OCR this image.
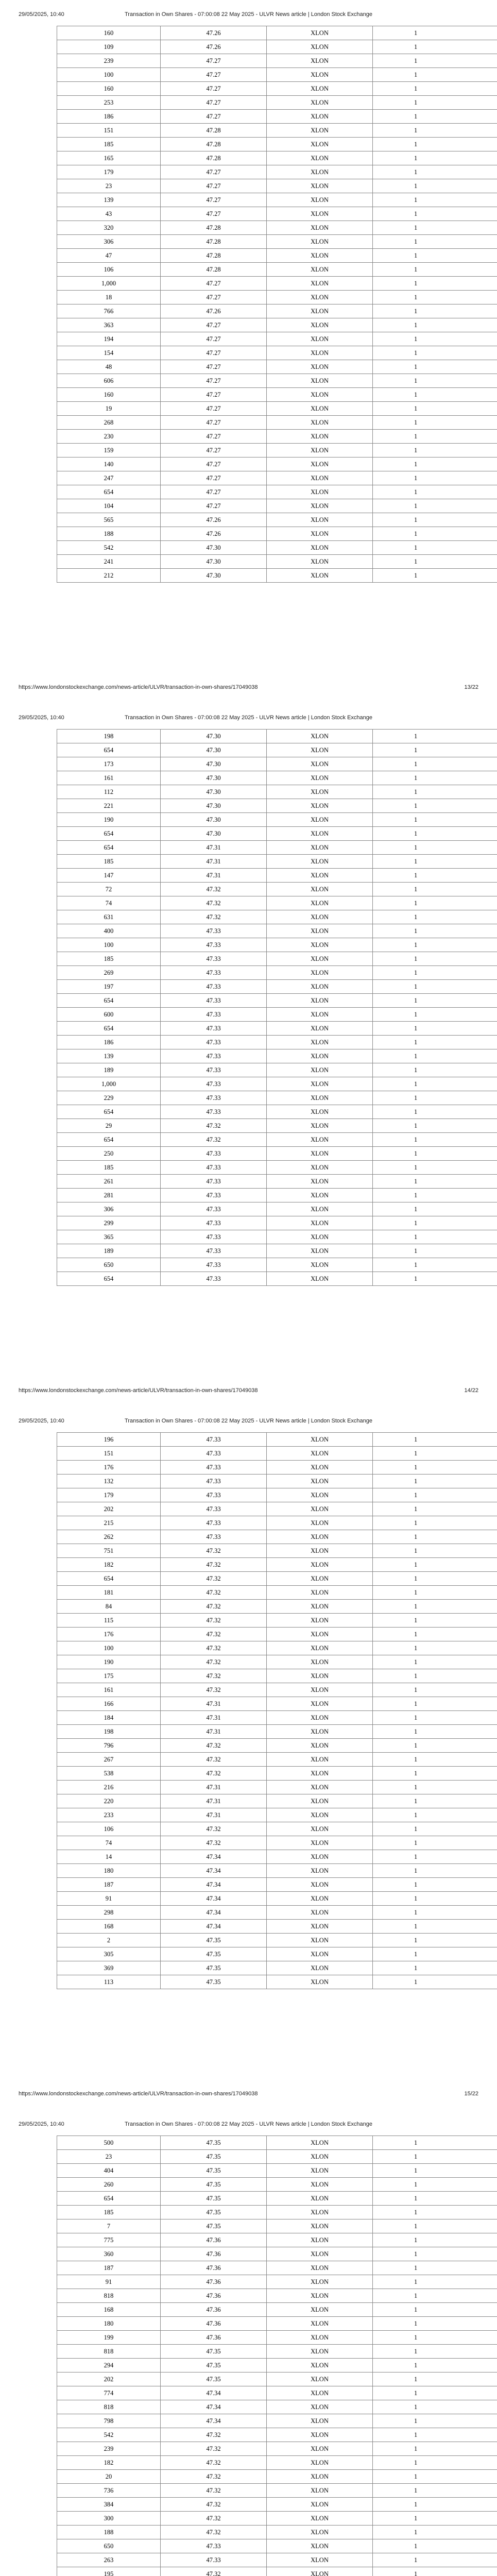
29/05/2025, 10:40	Transaction in Own Shares - 07:00:08 22 May 2025 - ULVR News article | London Stock Exchange
160	47.26	XLON	1
109	47.26	XLON	1
239	47.27	XLON	1
100	47.27	XLON	1
160	47.27	XLON	1
253	47.27	XLON	1
186	47.27	XLON	1
151	47.28	XLON	1
185	47.28	XLON	1
165	47.28	XLON	1
179	47.27	XLON	1
23	47.27	XLON	1
139	47.27	XLON	1
43	47.27	XLON	1
320	47.28	XLON	1
306	47.28	XLON	1
47	47.28	XLON	1
106	47.28	XLON	1
1,000	47.27	XLON	1
18	47.27	XLON	1
766	47.26	XLON	1
363	47.27	XLON	1
194	47.27	XLON	1
154	47.27	XLON	1
48	47.27	XLON	1
606	47.27	XLON	1
160	47.27	XLON	1
19	47.27	XLON	1
268	47.27	XLON	1
230	47.27	XLON	1
159	47.27	XLON	1
140	47.27	XLON	1
247	47.27	XLON	1
654	47.27	XLON	1
104	47.27	XLON	1
565	47.26	XLON	1
188	47.26	XLON	1
542	47.30	XLON	1
241	47.30	XLON	1
212	47.30	XLON	1
https://www.londonstockexchange.com/news-article/ULVR/transaction-in-own-shares/17049038	13/22
29/05/2025, 10:40	Transaction in Own Shares - 07:00:08 22 May 2025 - ULVR News article | London Stock Exchange
198	47.30	XLON	1
654	47.30	XLON	1
173	47.30	XLON	1
161	47.30	XLON	1
112	47.30	XLON	1
221	47.30	XLON	1
190	47.30	XLON	1
654	47.30	XLON	1
654	47.31	XLON	1
185	47.31	XLON	1
147	47.31	XLON	1
72	47.32	XLON	1
74	47.32	XLON	1
631	47.32	XLON	1
400	47.33	XLON	1
100	47.33	XLON	1
185	47.33	XLON	1
269	47.33	XLON	1
197	47.33	XLON	1
654	47.33	XLON	1
600	47.33	XLON	1
654	47.33	XLON	1
186	47.33	XLON	1
139	47.33	XLON	1
189	47.33	XLON	1
1,000	47.33	XLON	1
229	47.33	XLON	1
654	47.33	XLON	1
29	47.32	XLON	1
654	47.32	XLON	1
250	47.33	XLON	1
185	47.33	XLON	1
261	47.33	XLON	1
281	47.33	XLON	1
306	47.33	XLON	1
299	47.33	XLON	1
365	47.33	XLON	1
189	47.33	XLON	1
650	47.33	XLON	1
654	47.33	XLON	1
https://www.londonstockexchange.com/news-article/ULVR/transaction-in-own-shares/17049038	14/22
29/05/2025, 10:40	Transaction in Own Shares - 07:00:08 22 May 2025 - ULVR News article | London Stock Exchange
196	47.33	XLON	1
151	47.33	XLON	1
176	47.33	XLON	1
132	47.33	XLON	1
179	47.33	XLON	1
202	47.33	XLON	1
215	47.33	XLON	1
262	47.33	XLON	1
751	47.32	XLON	1
182	47.32	XLON	1
654	47.32	XLON	1
181	47.32	XLON	1
84	47.32	XLON	1
115	47.32	XLON	1
176	47.32	XLON	1
100	47.32	XLON	1
190	47.32	XLON	1
175	47.32	XLON	1
161	47.32	XLON	1
166	47.31	XLON	1
184	47.31	XLON	1
198	47.31	XLON	1
796	47.32	XLON	1
267	47.32	XLON	1
538	47.32	XLON	1
216	47.31	XLON	1
220	47.31	XLON	1
233	47.31	XLON	1
106	47.32	XLON	1
74	47.32	XLON	1
14	47.34	XLON	1
180	47.34	XLON	1
187	47.34	XLON	1
91	47.34	XLON	1
298	47.34	XLON	1
168	47.34	XLON	1
2	47.35	XLON	1
305	47.35	XLON	1
369	47.35	XLON	1
113	47.35	XLON	1
https://www.londonstockexchange.com/news-article/ULVR/transaction-in-own-shares/17049038	15/22
29/05/2025, 10:40	Transaction in Own Shares - 07:00:08 22 May 2025 - ULVR News article | London Stock Exchange
500	47.35	XLON	1
23	47.35	XLON	1
404	47.35	XLON	1
260	47.35	XLON	1
654	47.35	XLON	1
185	47.35	XLON	1
7	47.35	XLON	1
775	47.36	XLON	1
360	47.36	XLON	1
187	47.36	XLON	1
91	47.36	XLON	1
818	47.36	XLON	1
168	47.36	XLON	1
180	47.36	XLON	1
199	47.36	XLON	1
818	47.35	XLON	1
294	47.35	XLON	1
202	47.35	XLON	1
774	47.34	XLON	1
818	47.34	XLON	1
798	47.34	XLON	1
542	47.32	XLON	1
239	47.32	XLON	1
182	47.32	XLON	1
20	47.32	XLON	1
736	47.32	XLON	1
384	47.32	XLON	1
300	47.32	XLON	1
188	47.32	XLON	1
650	47.33	XLON	1
263	47.33	XLON	1
195	47.32	XLON	1
